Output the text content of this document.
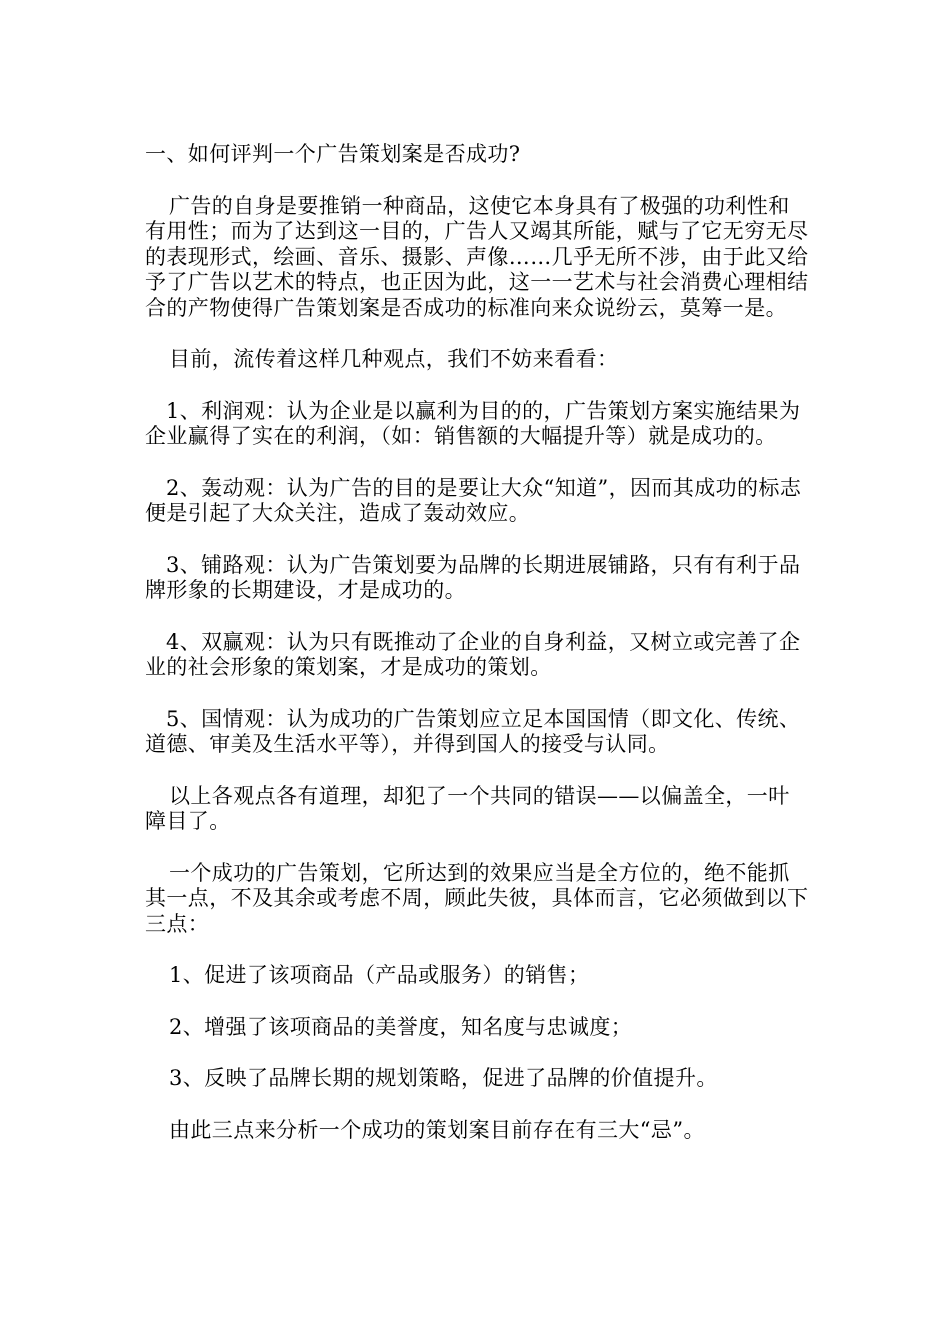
一、如何评判一个广告策划案是否成功?

广告的自身是要推销一种商品，这使它本身具有了极强的功利性和有用性；而为了达到这一目的，广告人又竭其所能，赋与了它无穷无尽的表现形式，绘画、音乐、摄影、声像……几乎无所不涉，由于此又给予了广告以艺术的特点，也正因为此，这一一艺术与社会消费心理相结合的产物使得广告策划案是否成功的标准向来众说纷云，莫筹一是。

目前，流传着这样几种观点，我们不妨来看看：

1、利润观：认为企业是以赢利为目的的，广告策划方案实施结果为企业赢得了实在的利润，（如：销售额的大幅提升等）就是成功的。

2、轰动观：认为广告的目的是要让大众“知道”，因而其成功的标志便是引起了大众关注，造成了轰动效应。

3、铺路观：认为广告策划要为品牌的长期进展铺路，只有有利于品牌形象的长期建设，才是成功的。

4、双赢观：认为只有既推动了企业的自身利益，又树立或完善了企业的社会形象的策划案，才是成功的策划。

5、国情观：认为成功的广告策划应立足本国国情（即文化、传统、道德、审美及生活水平等），并得到国人的接受与认同。

以上各观点各有道理，却犯了一个共同的错误——以偏盖全，一叶障目了。

一个成功的广告策划，它所达到的效果应当是全方位的，绝不能抓其一点，不及其余或考虑不周，顾此失彼，具体而言，它必须做到以下三点：

1、促进了该项商品（产品或服务）的销售；

2、增强了该项商品的美誉度，知名度与忠诚度；

3、反映了品牌长期的规划策略，促进了品牌的价值提升。

由此三点来分析一个成功的策划案目前存在有三大“忌”。
